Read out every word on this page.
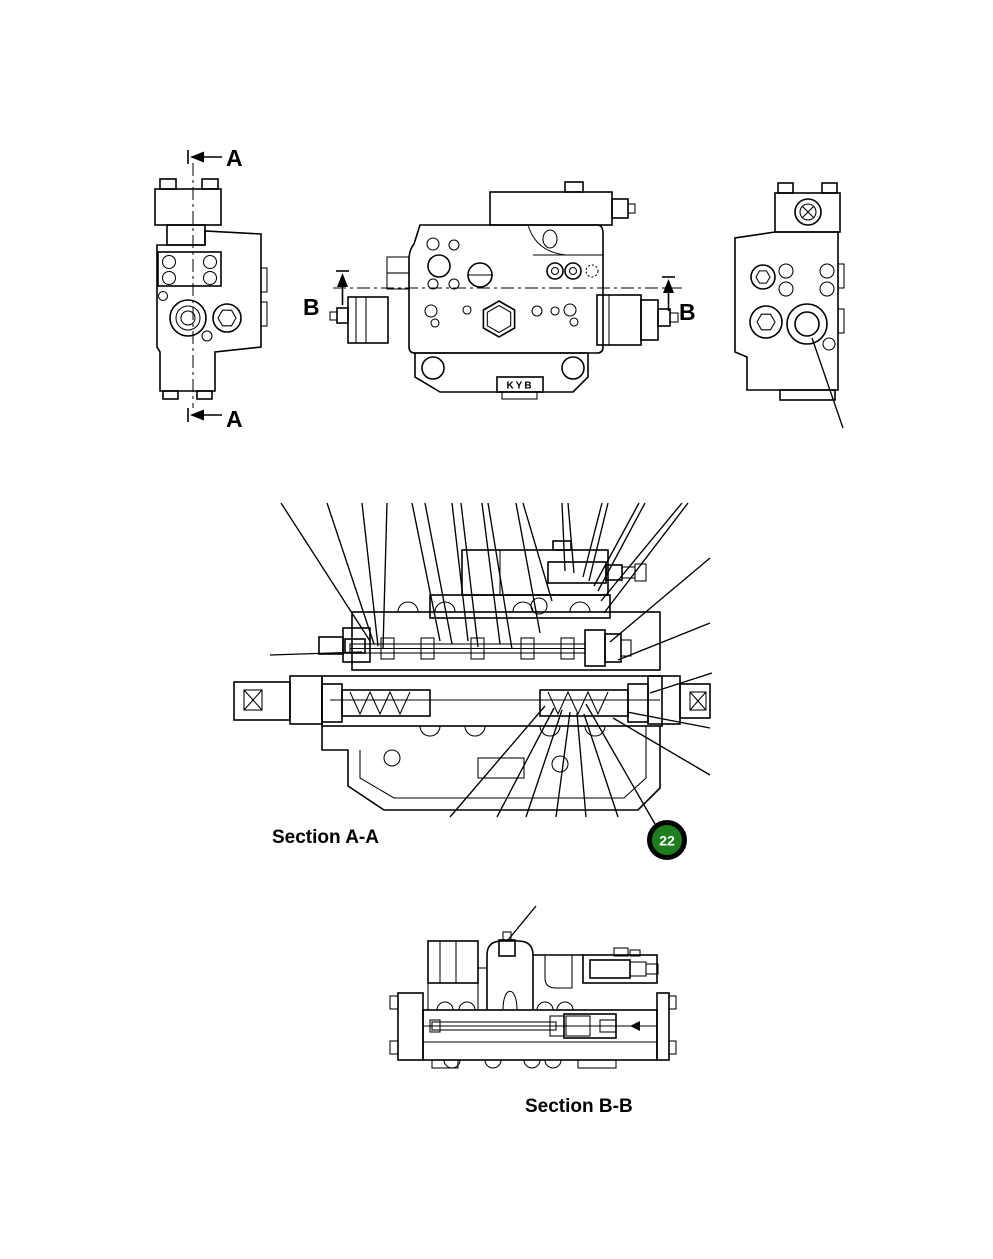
A
A
B	B
KYB
Section A-A	22
Section B-B
